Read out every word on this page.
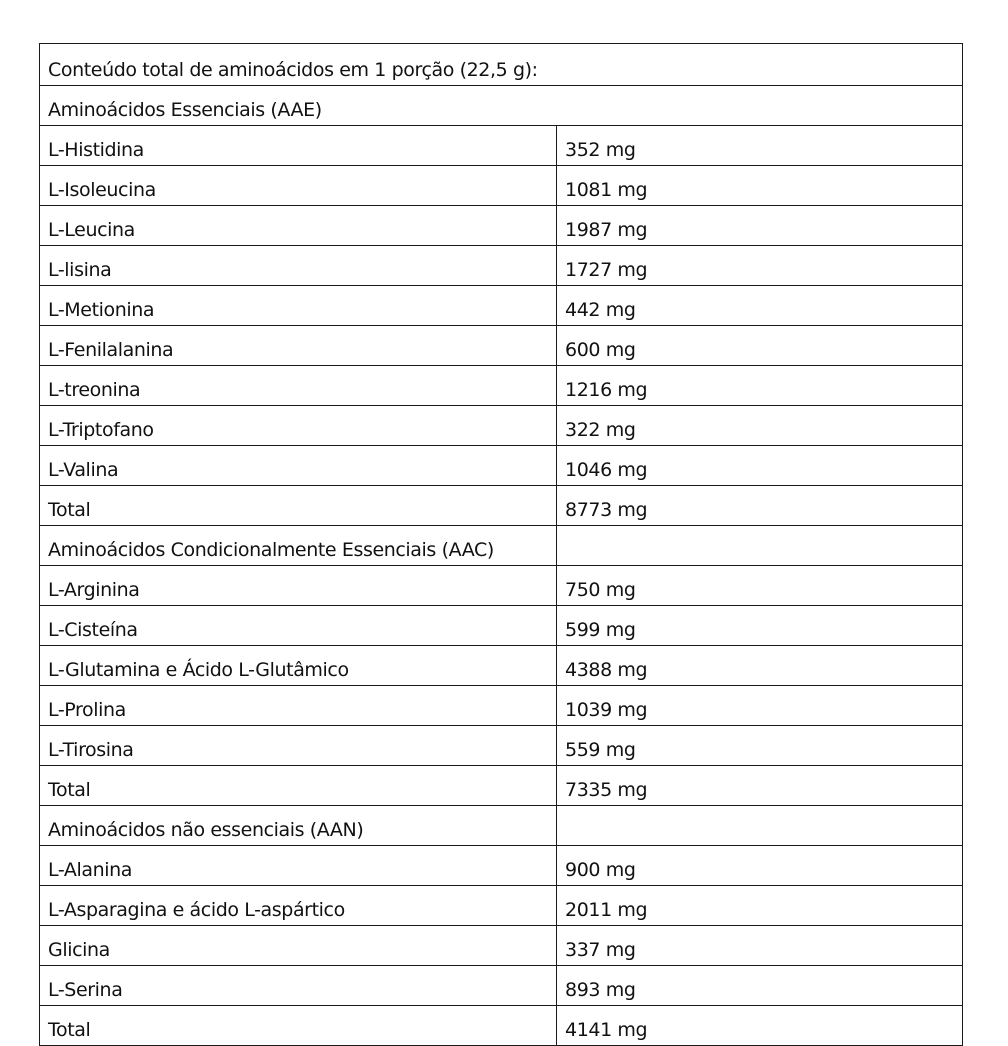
Conteúdo total de aminoácidos em 1 porção (22,5 g):	
Aminoácidos Essenciais (AAE)	
L-Histidina	352 mg
L-Isoleucina	1081 mg
L-Leucina	1987 mg
L-lisina	1727 mg
L-Metionina	442 mg
L-Fenilalanina	600 mg
L-treonina	1216 mg
L-Triptofano	322 mg
L-Valina	1046 mg
Total	8773 mg
Aminoácidos Condicionalmente Essenciais (AAC)	
L-Arginina	750 mg
L-Cisteína	599 mg
L-Glutamina e Ácido L-Glutâmico	4388 mg
L-Prolina	1039 mg
L-Tirosina	559 mg
Total	7335 mg
Aminoácidos não essenciais (AAN)	
L-Alanina	900 mg
L-Asparagina e ácido L-aspártico	2011 mg
Glicina	337 mg
L-Serina	893 mg
Total	4141 mg
